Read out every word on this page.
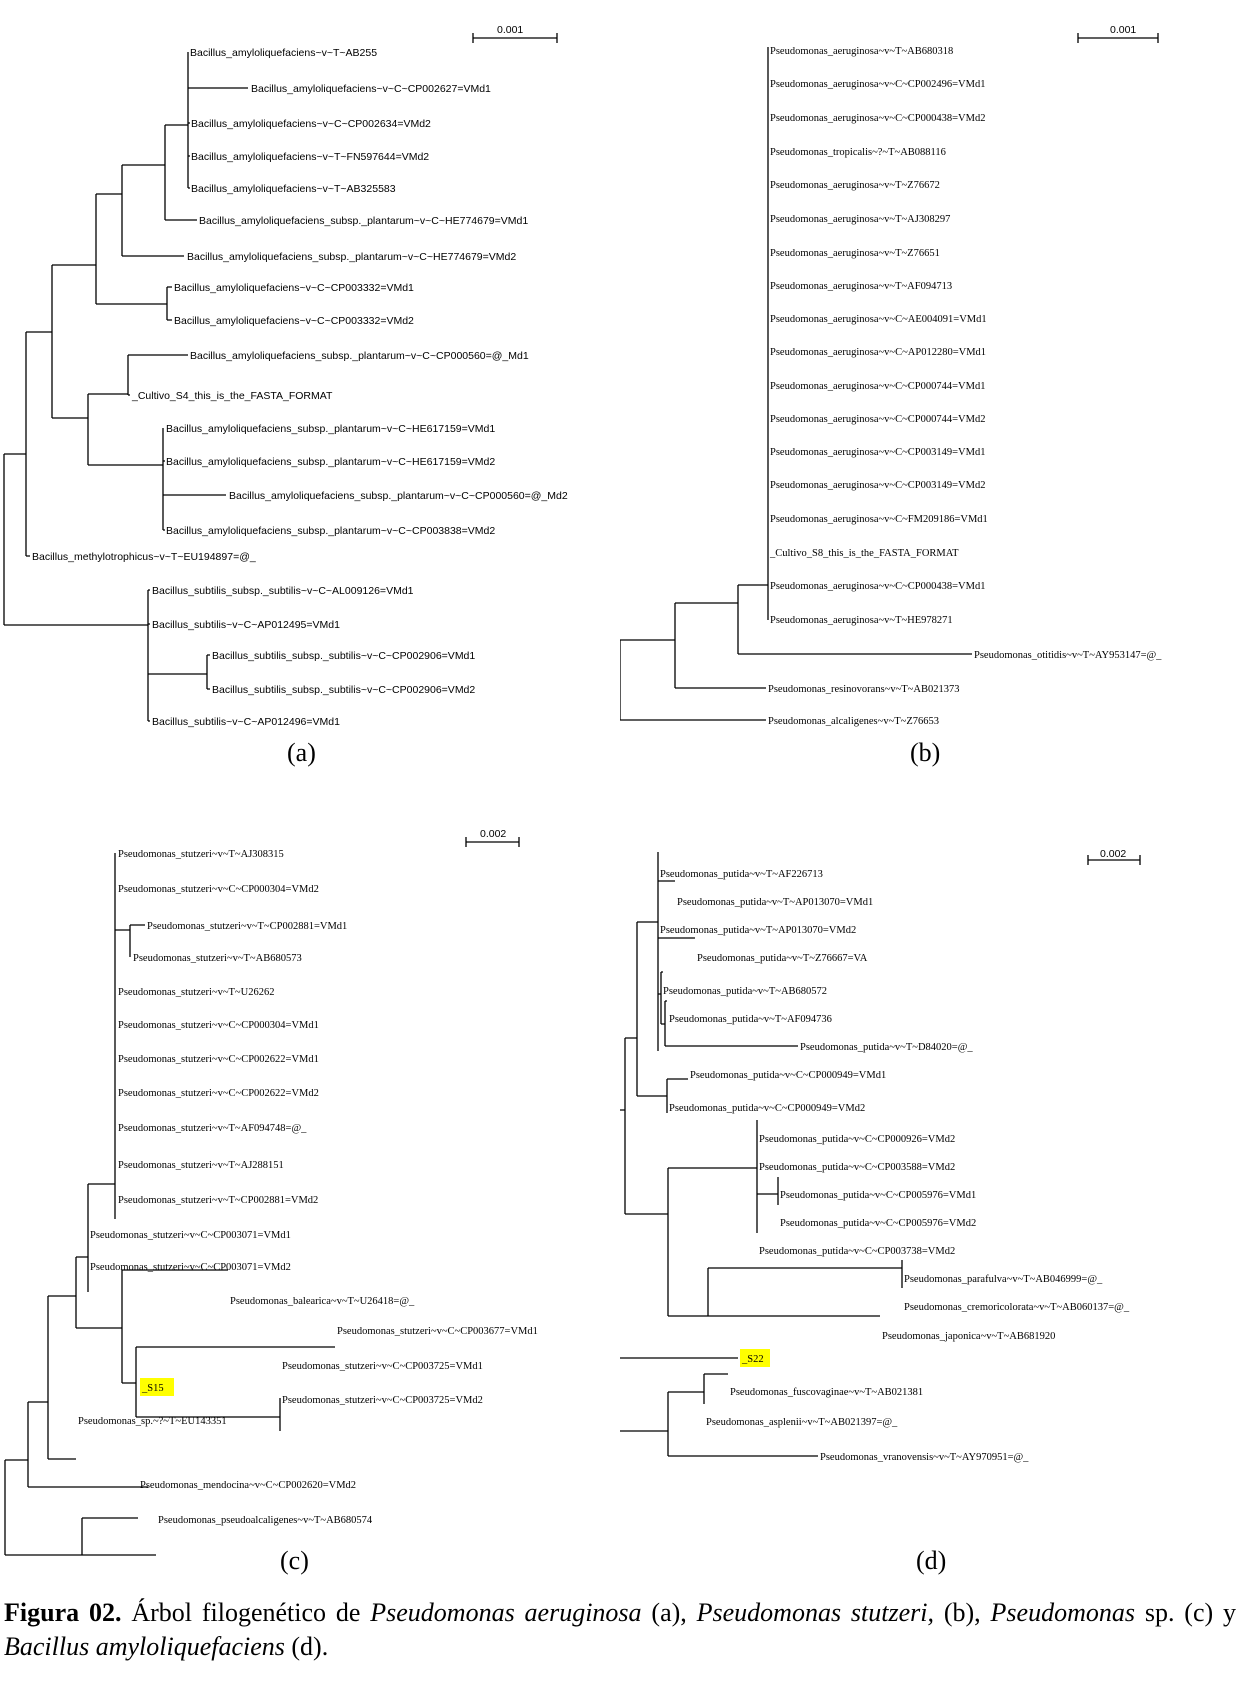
0.001
Bacillus_amyloliquefaciens~v~T~AB255
Bacillus_amyloliquefaciens~v~C~CP002627=VMd1
Bacillus_amyloliquefaciens~v~C~CP002634=VMd2
Bacillus_amyloliquefaciens~v~T~FN597644=VMd2
Bacillus_amyloliquefaciens~v~T~AB325583
Bacillus_amyloliquefaciens_subsp._plantarum~v~C~HE774679=VMd1
Bacillus_amyloliquefaciens_subsp._plantarum~v~C~HE774679=VMd2
Bacillus_amyloliquefaciens~v~C~CP003332=VMd1
Bacillus_amyloliquefaciens~v~C~CP003332=VMd2
Bacillus_amyloliquefaciens_subsp._plantarum~v~C~CP000560=@_Md1
_Cultivo_S4_this_is_the_FASTA_FORMAT
Bacillus_amyloliquefaciens_subsp._plantarum~v~C~HE617159=VMd1
Bacillus_amyloliquefaciens_subsp._plantarum~v~C~HE617159=VMd2
Bacillus_amyloliquefaciens_subsp._plantarum~v~C~CP000560=@_Md2
Bacillus_amyloliquefaciens_subsp._plantarum~v~C~CP003838=VMd2
Bacillus_methylotrophicus~v~T~EU194897=@_
Bacillus_subtilis_subsp._subtilis~v~C~AL009126=VMd1
Bacillus_subtilis~v~C~AP012495=VMd1
Bacillus_subtilis_subsp._subtilis~v~C~CP002906=VMd1
Bacillus_subtilis_subsp._subtilis~v~C~CP002906=VMd2
Bacillus_subtilis~v~C~AP012496=VMd1
(a)
0.001
Pseudomonas_aeruginosa~v~T~AB680318
Pseudomonas_aeruginosa~v~C~CP002496=VMd1
Pseudomonas_aeruginosa~v~C~CP000438=VMd2
Pseudomonas_tropicalis~?~T~AB088116
Pseudomonas_aeruginosa~v~T~Z76672
Pseudomonas_aeruginosa~v~T~AJ308297
Pseudomonas_aeruginosa~v~T~Z76651
Pseudomonas_aeruginosa~v~T~AF094713
Pseudomonas_aeruginosa~v~C~AE004091=VMd1
Pseudomonas_aeruginosa~v~C~AP012280=VMd1
Pseudomonas_aeruginosa~v~C~CP000744=VMd1
Pseudomonas_aeruginosa~v~C~CP000744=VMd2
Pseudomonas_aeruginosa~v~C~CP003149=VMd1
Pseudomonas_aeruginosa~v~C~CP003149=VMd2
Pseudomonas_aeruginosa~v~C~FM209186=VMd1
_Cultivo_S8_this_is_the_FASTA_FORMAT
Pseudomonas_aeruginosa~v~C~CP000438=VMd1
Pseudomonas_aeruginosa~v~T~HE978271
Pseudomonas_otitidis~v~T~AY953147=@_
Pseudomonas_resinovorans~v~T~AB021373
Pseudomonas_alcaligenes~v~T~Z76653
(b)
0.002
Pseudomonas_stutzeri~v~T~AJ308315
Pseudomonas_stutzeri~v~C~CP000304=VMd2
Pseudomonas_stutzeri~v~T~CP002881=VMd1
Pseudomonas_stutzeri~v~T~AB680573
Pseudomonas_stutzeri~v~T~U26262
Pseudomonas_stutzeri~v~C~CP000304=VMd1
Pseudomonas_stutzeri~v~C~CP002622=VMd1
Pseudomonas_stutzeri~v~C~CP002622=VMd2
Pseudomonas_stutzeri~v~T~AF094748=@_
Pseudomonas_stutzeri~v~T~AJ288151
Pseudomonas_stutzeri~v~T~CP002881=VMd2
Pseudomonas_stutzeri~v~C~CP003071=VMd1
Pseudomonas_stutzeri~v~C~CP003071=VMd2
Pseudomonas_balearica~v~T~U26418=@_
Pseudomonas_stutzeri~v~C~CP003677=VMd1
Pseudomonas_stutzeri~v~C~CP003725=VMd1
Pseudomonas_stutzeri~v~C~CP003725=VMd2
Pseudomonas_sp.~?~T~EU143351
_S15
Pseudomonas_mendocina~v~C~CP002620=VMd2
Pseudomonas_pseudoalcaligenes~v~T~AB680574
(c)
0.002
Pseudomonas_putida~v~T~AF226713
Pseudomonas_putida~v~T~AP013070=VMd1
Pseudomonas_putida~v~T~AP013070=VMd2
Pseudomonas_putida~v~T~Z76667=VA
Pseudomonas_putida~v~T~AB680572
Pseudomonas_putida~v~T~AF094736
Pseudomonas_putida~v~T~D84020=@_
Pseudomonas_putida~v~C~CP000949=VMd1
Pseudomonas_putida~v~C~CP000949=VMd2
Pseudomonas_putida~v~C~CP000926=VMd2
Pseudomonas_putida~v~C~CP003588=VMd2
Pseudomonas_putida~v~C~CP005976=VMd1
Pseudomonas_putida~v~C~CP005976=VMd2
Pseudomonas_putida~v~C~CP003738=VMd2
Pseudomonas_parafulva~v~T~AB046999=@_
Pseudomonas_cremoricolorata~v~T~AB060137=@_
Pseudomonas_japonica~v~T~AB681920
_S22
Pseudomonas_fuscovaginae~v~T~AB021381
Pseudomonas_asplenii~v~T~AB021397=@_
Pseudomonas_vranovensis~v~T~AY970951=@_
(d)
Figura 02. Árbol filogenético de Pseudomonas aeruginosa (a), Pseudomonas stutzeri, (b), Pseudomonas sp. (c) y Bacillus amyloliquefaciens (d).
